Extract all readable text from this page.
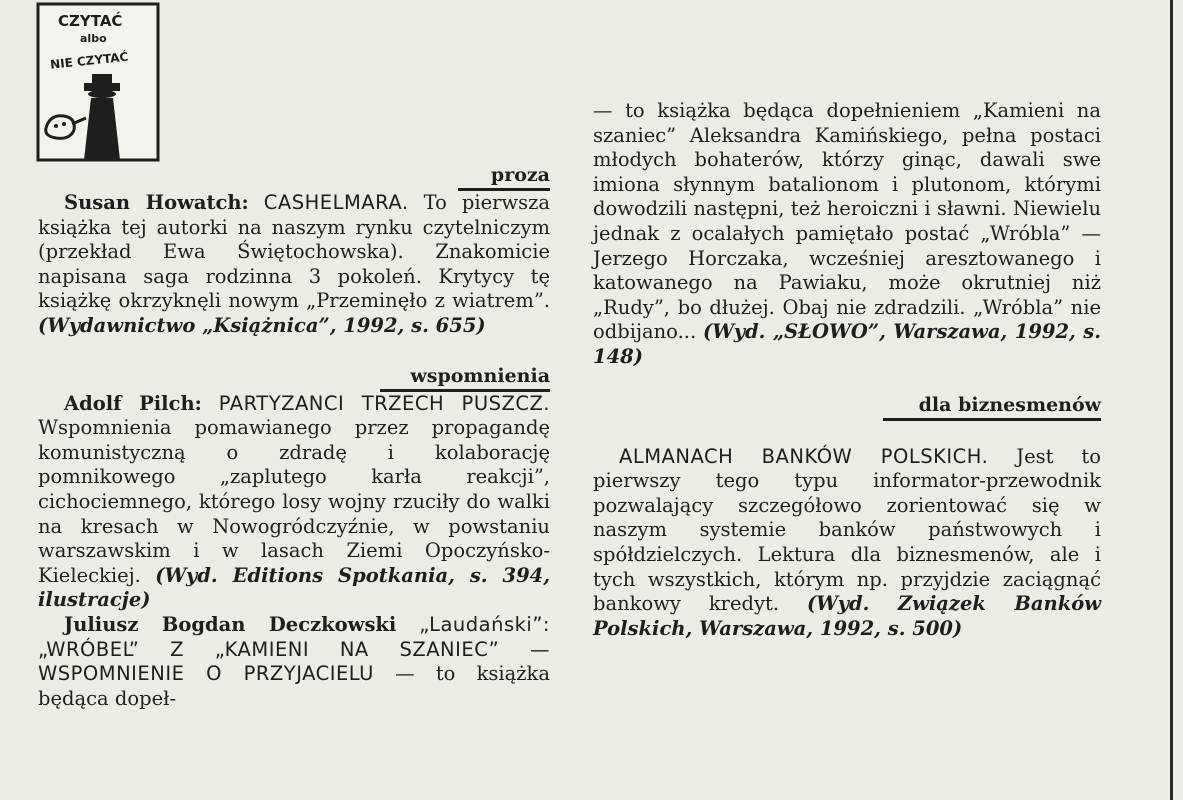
CZYTAĆ
albo
NIE CZYTAĆ
proza

Susan Howatch: CASHELMARA. To pierwsza książka tej autorki na naszym rynku czytelniczym (przekład Ewa Świętochowska). Znakomicie napisana saga rodzinna 3 pokoleń. Krytycy tę książkę okrzyknęli nowym „Przeminęło z wiatrem”. (Wydawnictwo „Książnica”, 1992, s. 655)

wspomnienia

Adolf Pilch: PARTYZANCI TRZECH PUSZCZ. Wspomnienia pomawianego przez propagandę komunistyczną o zdradę i kolaborację pomnikowego „zaplutego karła reakcji”, cichociemnego, którego losy wojny rzuciły do walki na kresach w Nowogródczyźnie, w powstaniu warszawskim i w lasach Ziemi Opoczyńsko-Kieleckiej. (Wyd. Editions Spotkania, s. 394, ilustracje)

Juliusz Bogdan Deczkowski „Laudański”: „WRÓBEL” Z „KAMIENI NA SZANIEC” — WSPOMNIENIE O PRZYJACIELU — to książka będąca dopeł-

— to książka będąca dopełnieniem „Kamieni na szaniec” Aleksandra Kamińskiego, pełna postaci młodych bohaterów, którzy ginąc, dawali swe imiona słynnym batalionom i plutonom, którymi dowodzili następni, też heroiczni i sławni. Niewielu jednak z ocalałych pamiętało postać „Wróbla” — Jerzego Horczaka, wcześniej aresztowanego i katowanego na Pawiaku, może okrutniej niż „Rudy”, bo dłużej. Obaj nie zdradzili. „Wróbla” nie odbijano... (Wyd. „SŁOWO”, Warszawa, 1992, s. 148)

dla biznesmenów

ALMANACH BANKÓW POLSKICH. Jest to pierwszy tego typu informator-przewodnik pozwalający szczegółowo zorientować się w naszym systemie banków państwowych i spółdzielczych. Lektura dla biznesmenów, ale i tych wszystkich, którym np. przyjdzie zaciągnąć bankowy kredyt. (Wyd. Związek Banków Polskich, Warszawa, 1992, s. 500)
